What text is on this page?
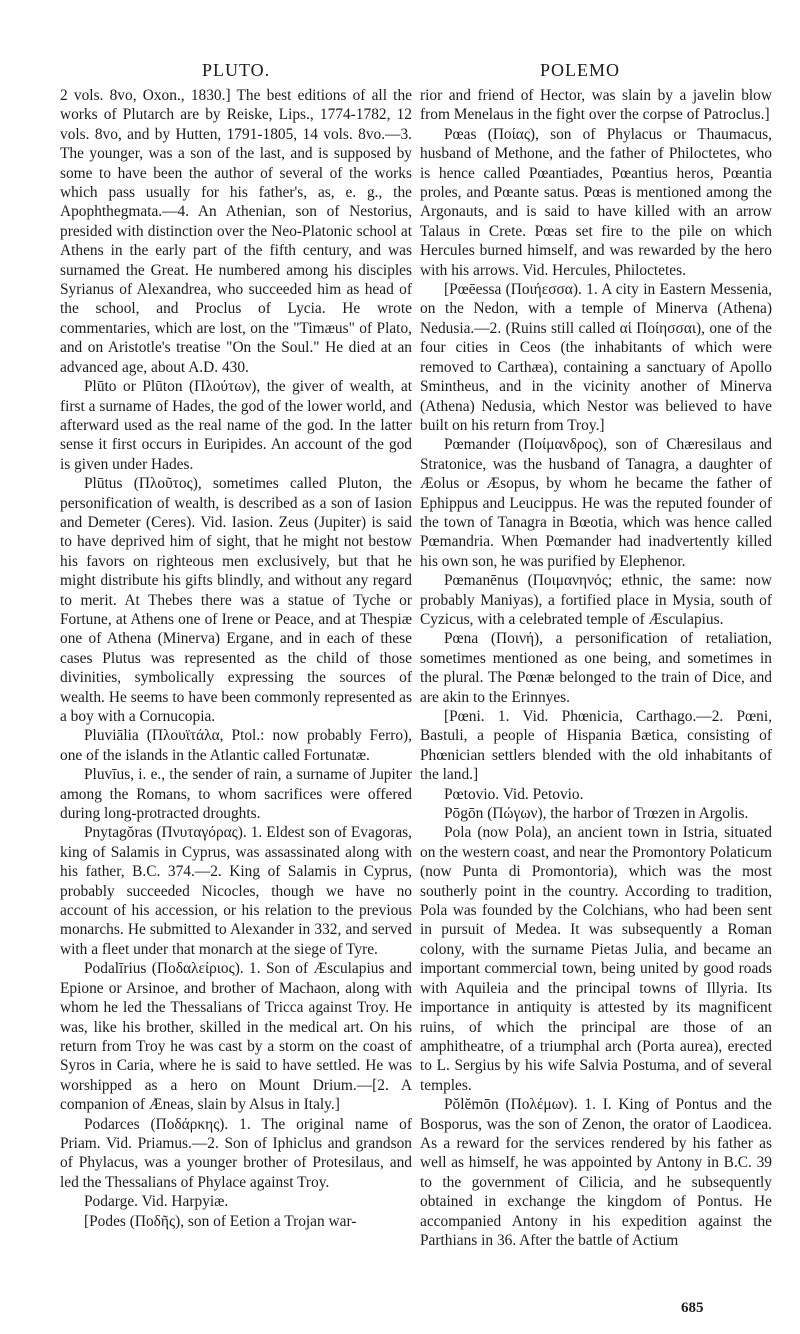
PLUTO.	POLEMO

2 vols. 8vo, Oxon., 1830.] The best editions of all the works of Plutarch are by Reiske, Lips., 1774-1782, 12 vols. 8vo, and by Hutten, 1791-1805, 14 vols. 8vo.—3. The younger, was a son of the last, and is supposed by some to have been the author of several of the works which pass usually for his father's, as, e. g., the Apophthegmata.—4. An Athenian, son of Nestorius, presided with distinction over the Neo-Platonic school at Athens in the early part of the fifth century, and was surnamed the Great. He numbered among his disciples Syrianus of Alexandrea, who succeeded him as head of the school, and Proclus of Lycia. He wrote commentaries, which are lost, on the "Timæus" of Plato, and on Aristotle's treatise "On the Soul." He died at an advanced age, about A.D. 430.

Plūto or Plūton (Πλούτων), the giver of wealth, at first a surname of Hades, the god of the lower world, and afterward used as the real name of the god. In the latter sense it first occurs in Euripides. An account of the god is given under Hades.

Plūtus (Πλοῦτος), sometimes called Pluton, the personification of wealth, is described as a son of Iasion and Demeter (Ceres). Vid. Iasion. Zeus (Jupiter) is said to have deprived him of sight, that he might not bestow his favors on righteous men exclusively, but that he might distribute his gifts blindly, and without any regard to merit. At Thebes there was a statue of Tyche or Fortune, at Athens one of Irene or Peace, and at Thespiæ one of Athena (Minerva) Ergane, and in each of these cases Plutus was represented as the child of those divinities, symbolically expressing the sources of wealth. He seems to have been commonly represented as a boy with a Cornucopia.

Pluviālia (Πλουϊτάλα, Ptol.: now probably Ferro), one of the islands in the Atlantic called Fortunatæ.

Pluvīus, i. e., the sender of rain, a surname of Jupiter among the Romans, to whom sacrifices were offered during long-protracted droughts.

Pnytagŏras (Πνυταγόρας). 1. Eldest son of Evagoras, king of Salamis in Cyprus, was assassinated along with his father, B.C. 374.—2. King of Salamis in Cyprus, probably succeeded Nicocles, though we have no account of his accession, or his relation to the previous monarchs. He submitted to Alexander in 332, and served with a fleet under that monarch at the siege of Tyre.

Podalīrius (Ποδαλείριος). 1. Son of Æsculapius and Epione or Arsinoe, and brother of Machaon, along with whom he led the Thessalians of Tricca against Troy. He was, like his brother, skilled in the medical art. On his return from Troy he was cast by a storm on the coast of Syros in Caria, where he is said to have settled. He was worshipped as a hero on Mount Drium.—[2. A companion of Æneas, slain by Alsus in Italy.]

Podarces (Ποδάρκης). 1. The original name of Priam. Vid. Priamus.—2. Son of Iphiclus and grandson of Phylacus, was a younger brother of Protesilaus, and led the Thessalians of Phylace against Troy.

Podarge. Vid. Harpyiæ.

[Podes (Ποδῆς), son of Eetion a Trojan war-

rior and friend of Hector, was slain by a javelin blow from Menelaus in the fight over the corpse of Patroclus.]

Pœas (Ποίας), son of Phylacus or Thaumacus, husband of Methone, and the father of Philoctetes, who is hence called Pœantiades, Pœantius heros, Pœantia proles, and Pœante satus. Pœas is mentioned among the Argonauts, and is said to have killed with an arrow Talaus in Crete. Pœas set fire to the pile on which Hercules burned himself, and was rewarded by the hero with his arrows. Vid. Hercules, Philoctetes.

[Pœēessa (Ποιήεσσα). 1. A city in Eastern Messenia, on the Nedon, with a temple of Minerva (Athena) Nedusia.—2. (Ruins still called αἱ Ποίησσαι), one of the four cities in Ceos (the inhabitants of which were removed to Carthæa), containing a sanctuary of Apollo Smintheus, and in the vicinity another of Minerva (Athena) Nedusia, which Nestor was believed to have built on his return from Troy.]

Pœmander (Ποίμανδρος), son of Chæresilaus and Stratonice, was the husband of Tanagra, a daughter of Æolus or Æsopus, by whom he became the father of Ephippus and Leucippus. He was the reputed founder of the town of Tanagra in Bœotia, which was hence called Pœmandria. When Pœmander had inadvertently killed his own son, he was purified by Elephenor.

Pœmanēnus (Ποιμανηνός; ethnic, the same: now probably Maniyas), a fortified place in Mysia, south of Cyzicus, with a celebrated temple of Æsculapius.

Pœna (Ποινή), a personification of retaliation, sometimes mentioned as one being, and sometimes in the plural. The Pœnæ belonged to the train of Dice, and are akin to the Erinnyes.

[Pœni. 1. Vid. Phœnicia, Carthago.—2. Pœni, Bastuli, a people of Hispania Bætica, consisting of Phœnician settlers blended with the old inhabitants of the land.]

Pœtovio. Vid. Petovio.

Pōgōn (Πώγων), the harbor of Trœzen in Argolis.

Pola (now Pola), an ancient town in Istria, situated on the western coast, and near the Promontory Polaticum (now Punta di Promontoria), which was the most southerly point in the country. According to tradition, Pola was founded by the Colchians, who had been sent in pursuit of Medea. It was subsequently a Roman colony, with the surname Pietas Julia, and became an important commercial town, being united by good roads with Aquileia and the principal towns of Illyria. Its importance in antiquity is attested by its magnificent ruins, of which the principal are those of an amphitheatre, of a triumphal arch (Porta aurea), erected to L. Sergius by his wife Salvia Postuma, and of several temples.

Pŏlĕmōn (Πολέμων). 1. I. King of Pontus and the Bosporus, was the son of Zenon, the orator of Laodicea. As a reward for the services rendered by his father as well as himself, he was appointed by Antony in B.C. 39 to the government of Cilicia, and he subsequently obtained in exchange the kingdom of Pontus. He accompanied Antony in his expedition against the Parthians in 36. After the battle of Actium

685
